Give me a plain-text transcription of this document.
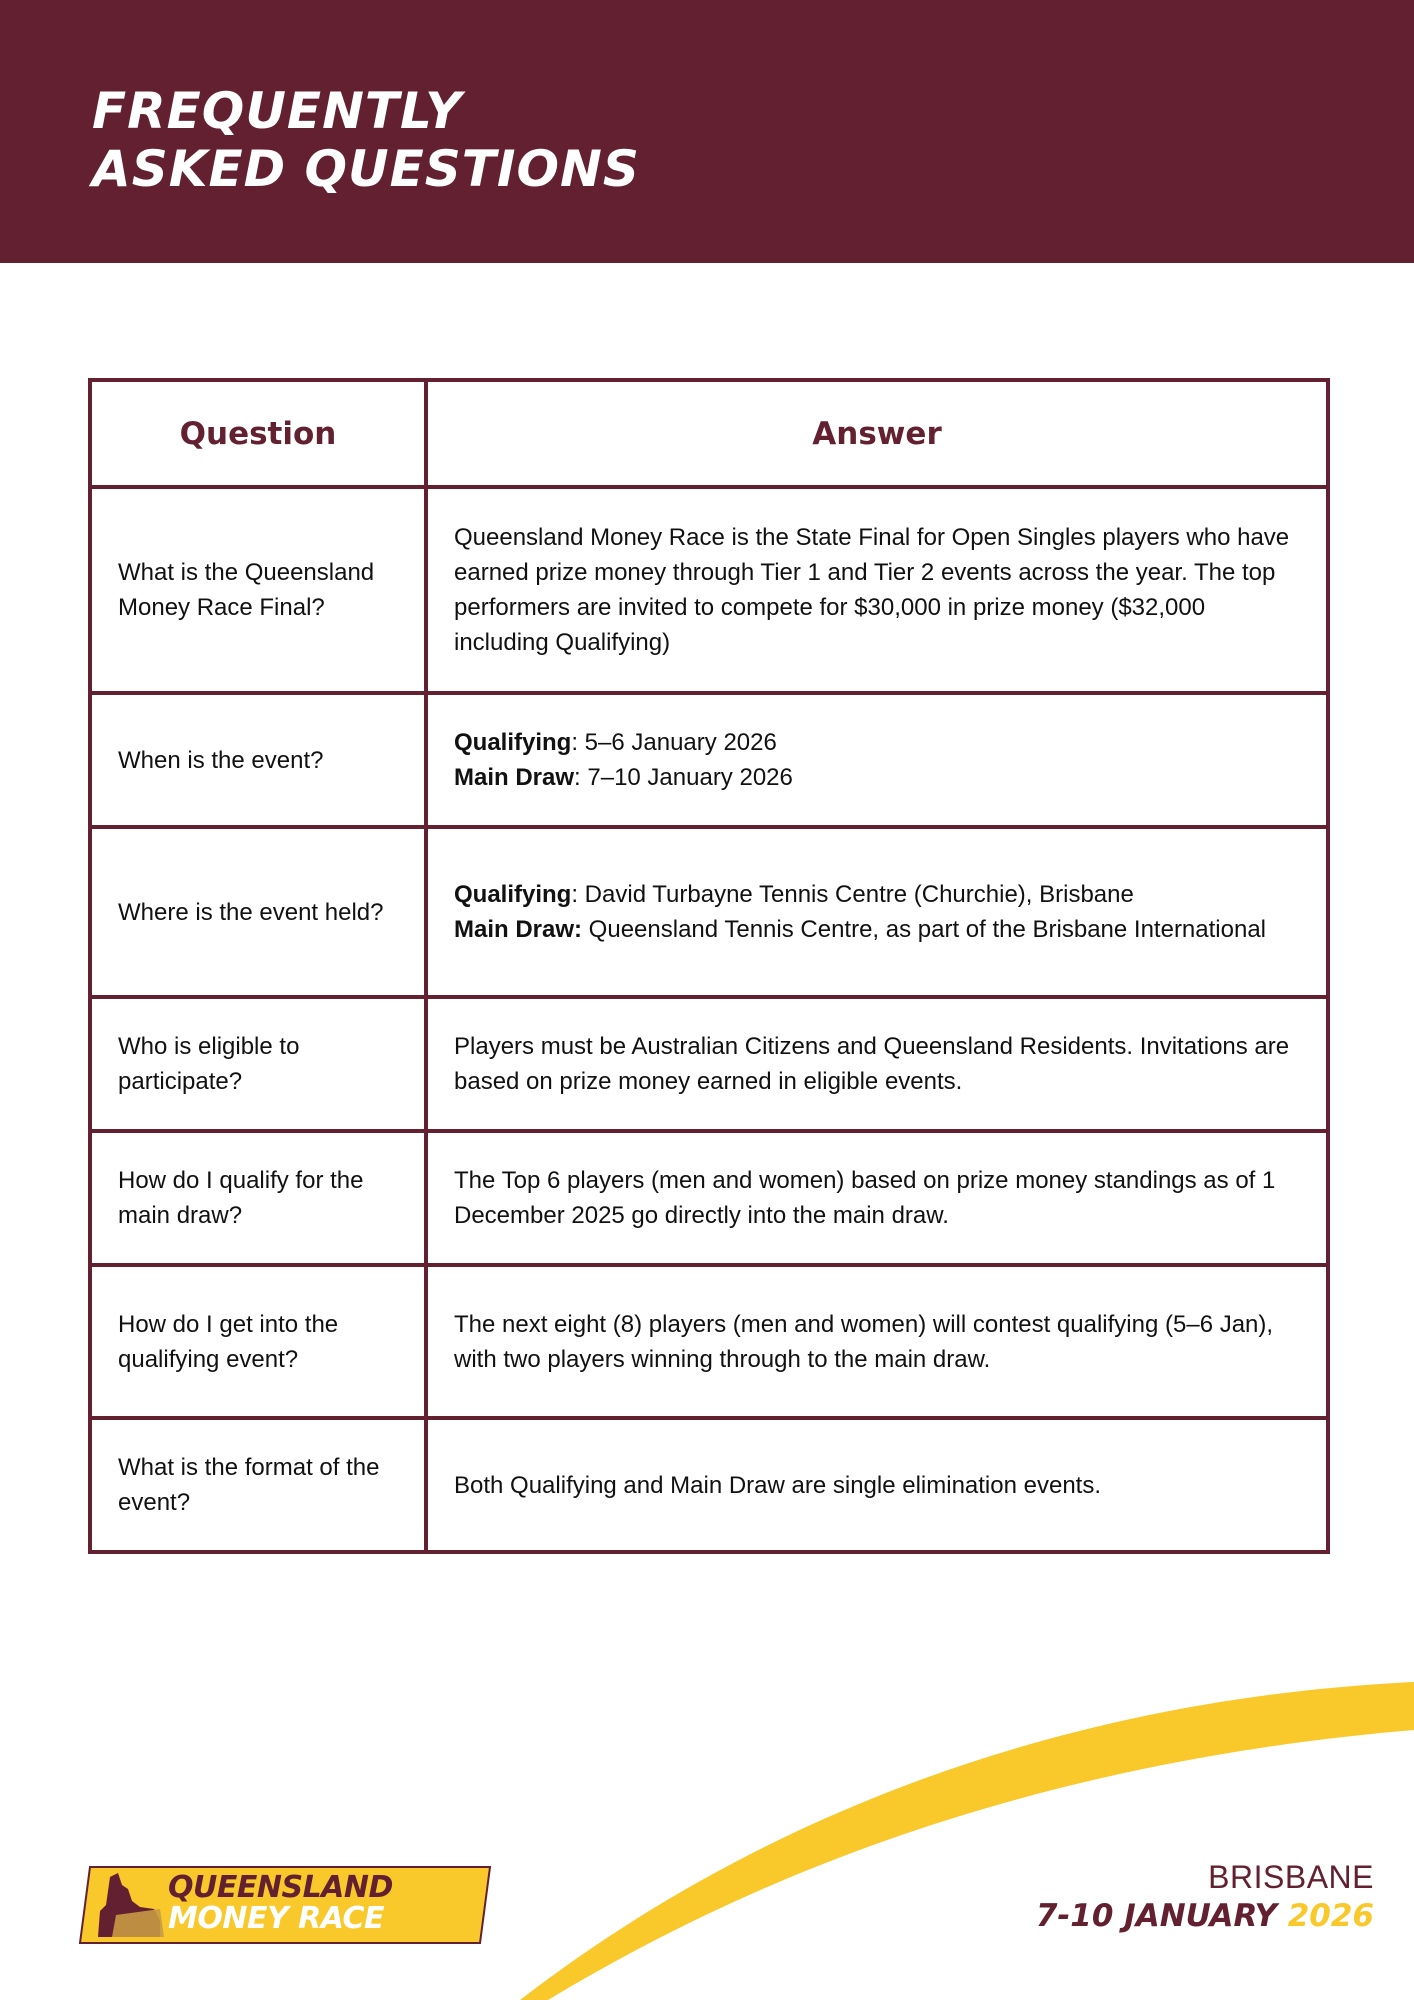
FREQUENTLY
ASKED QUESTIONS
Question	Answer
What is the Queensland Money Race Final?	Queensland Money Race is the State Final for Open Singles players who have earned prize money through Tier 1 and Tier 2 events across the year. The top performers are invited to compete for $30,000 in prize money ($32,000 including Qualifying)
When is the event?	Qualifying: 5–6 January 2026
Main Draw: 7–10 January 2026

Where is the event held?	Qualifying: David Turbayne Tennis Centre (Churchie), Brisbane
Main Draw: Queensland Tennis Centre, as part of the Brisbane International

Who is eligible to participate?	Players must be Australian Citizens and Queensland Residents. Invitations are based on prize money earned in eligible events.
How do I qualify for the main draw?	The Top 6 players (men and women) based on prize money standings as of 1 December 2025 go directly into the main draw.
How do I get into the qualifying event?	The next eight (8) players (men and women) will contest qualifying (5–6 Jan), with two players winning through to the main draw.
What is the format of the event?	Both Qualifying and Main Draw are single elimination events.
QUEENSLAND
MONEY RACE
BRISBANE
7-10 JANUARY 2026
